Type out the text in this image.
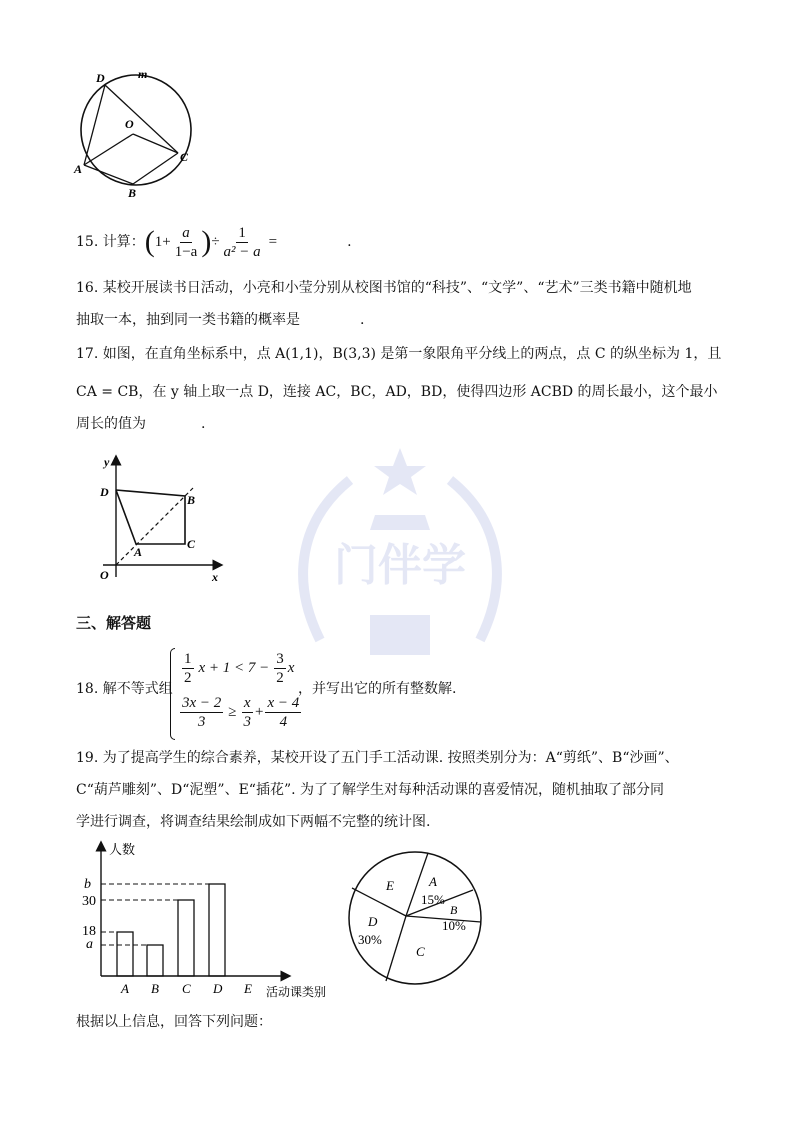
门伴学
D	m
O
A
C
B
15. 计算： ( $1 + \frac{a}{1-a}$ ) ÷ $\frac{1}{\text{a² − a}}$ =	.
16. 某校开展读书日活动，小亮和小莹分别从校图书馆的“科技”、“文学”、“艺术”三类书籍中随机地
抽取一本，抽到同一类书籍的概率是	.
17. 如图，在直角坐标系中，点 A(1,1)，B(3,3) 是第一象限角平分线上的两点，点 C 的纵坐标为 1，且
CA = CB，在 y 轴上取一点 D，连接 AC，BC，AD，BD，使得四边形 ACBD 的周长最小，这个最小
周长的值为	.
y
D
B
C
A
O	x
三、解答题
18. 解不等式组
$\frac{1}{2}$ $x + 1 < 7 - \frac{3}{2}$ x
$\frac{3x - 2}{3} \ge \frac{x}{3} + \frac{x - 4}{4}$
，并写出它的所有整数解.
19. 为了提高学生的综合素养，某校开设了五门手工活动课. 按照类别分为：A“剪纸”、B“沙画”、
C“葫芦雕刻”、D“泥塑”、E“插花”. 为了了解学生对每种活动课的喜爱情况，随机抽取了部分同
学进行调查，将调查结果绘制成如下两幅不完整的统计图.
人数
b
30
18
a
A B C D E 活动课类别
E	A
15%
B
10%
C
D
30%
根据以上信息，回答下列问题：
